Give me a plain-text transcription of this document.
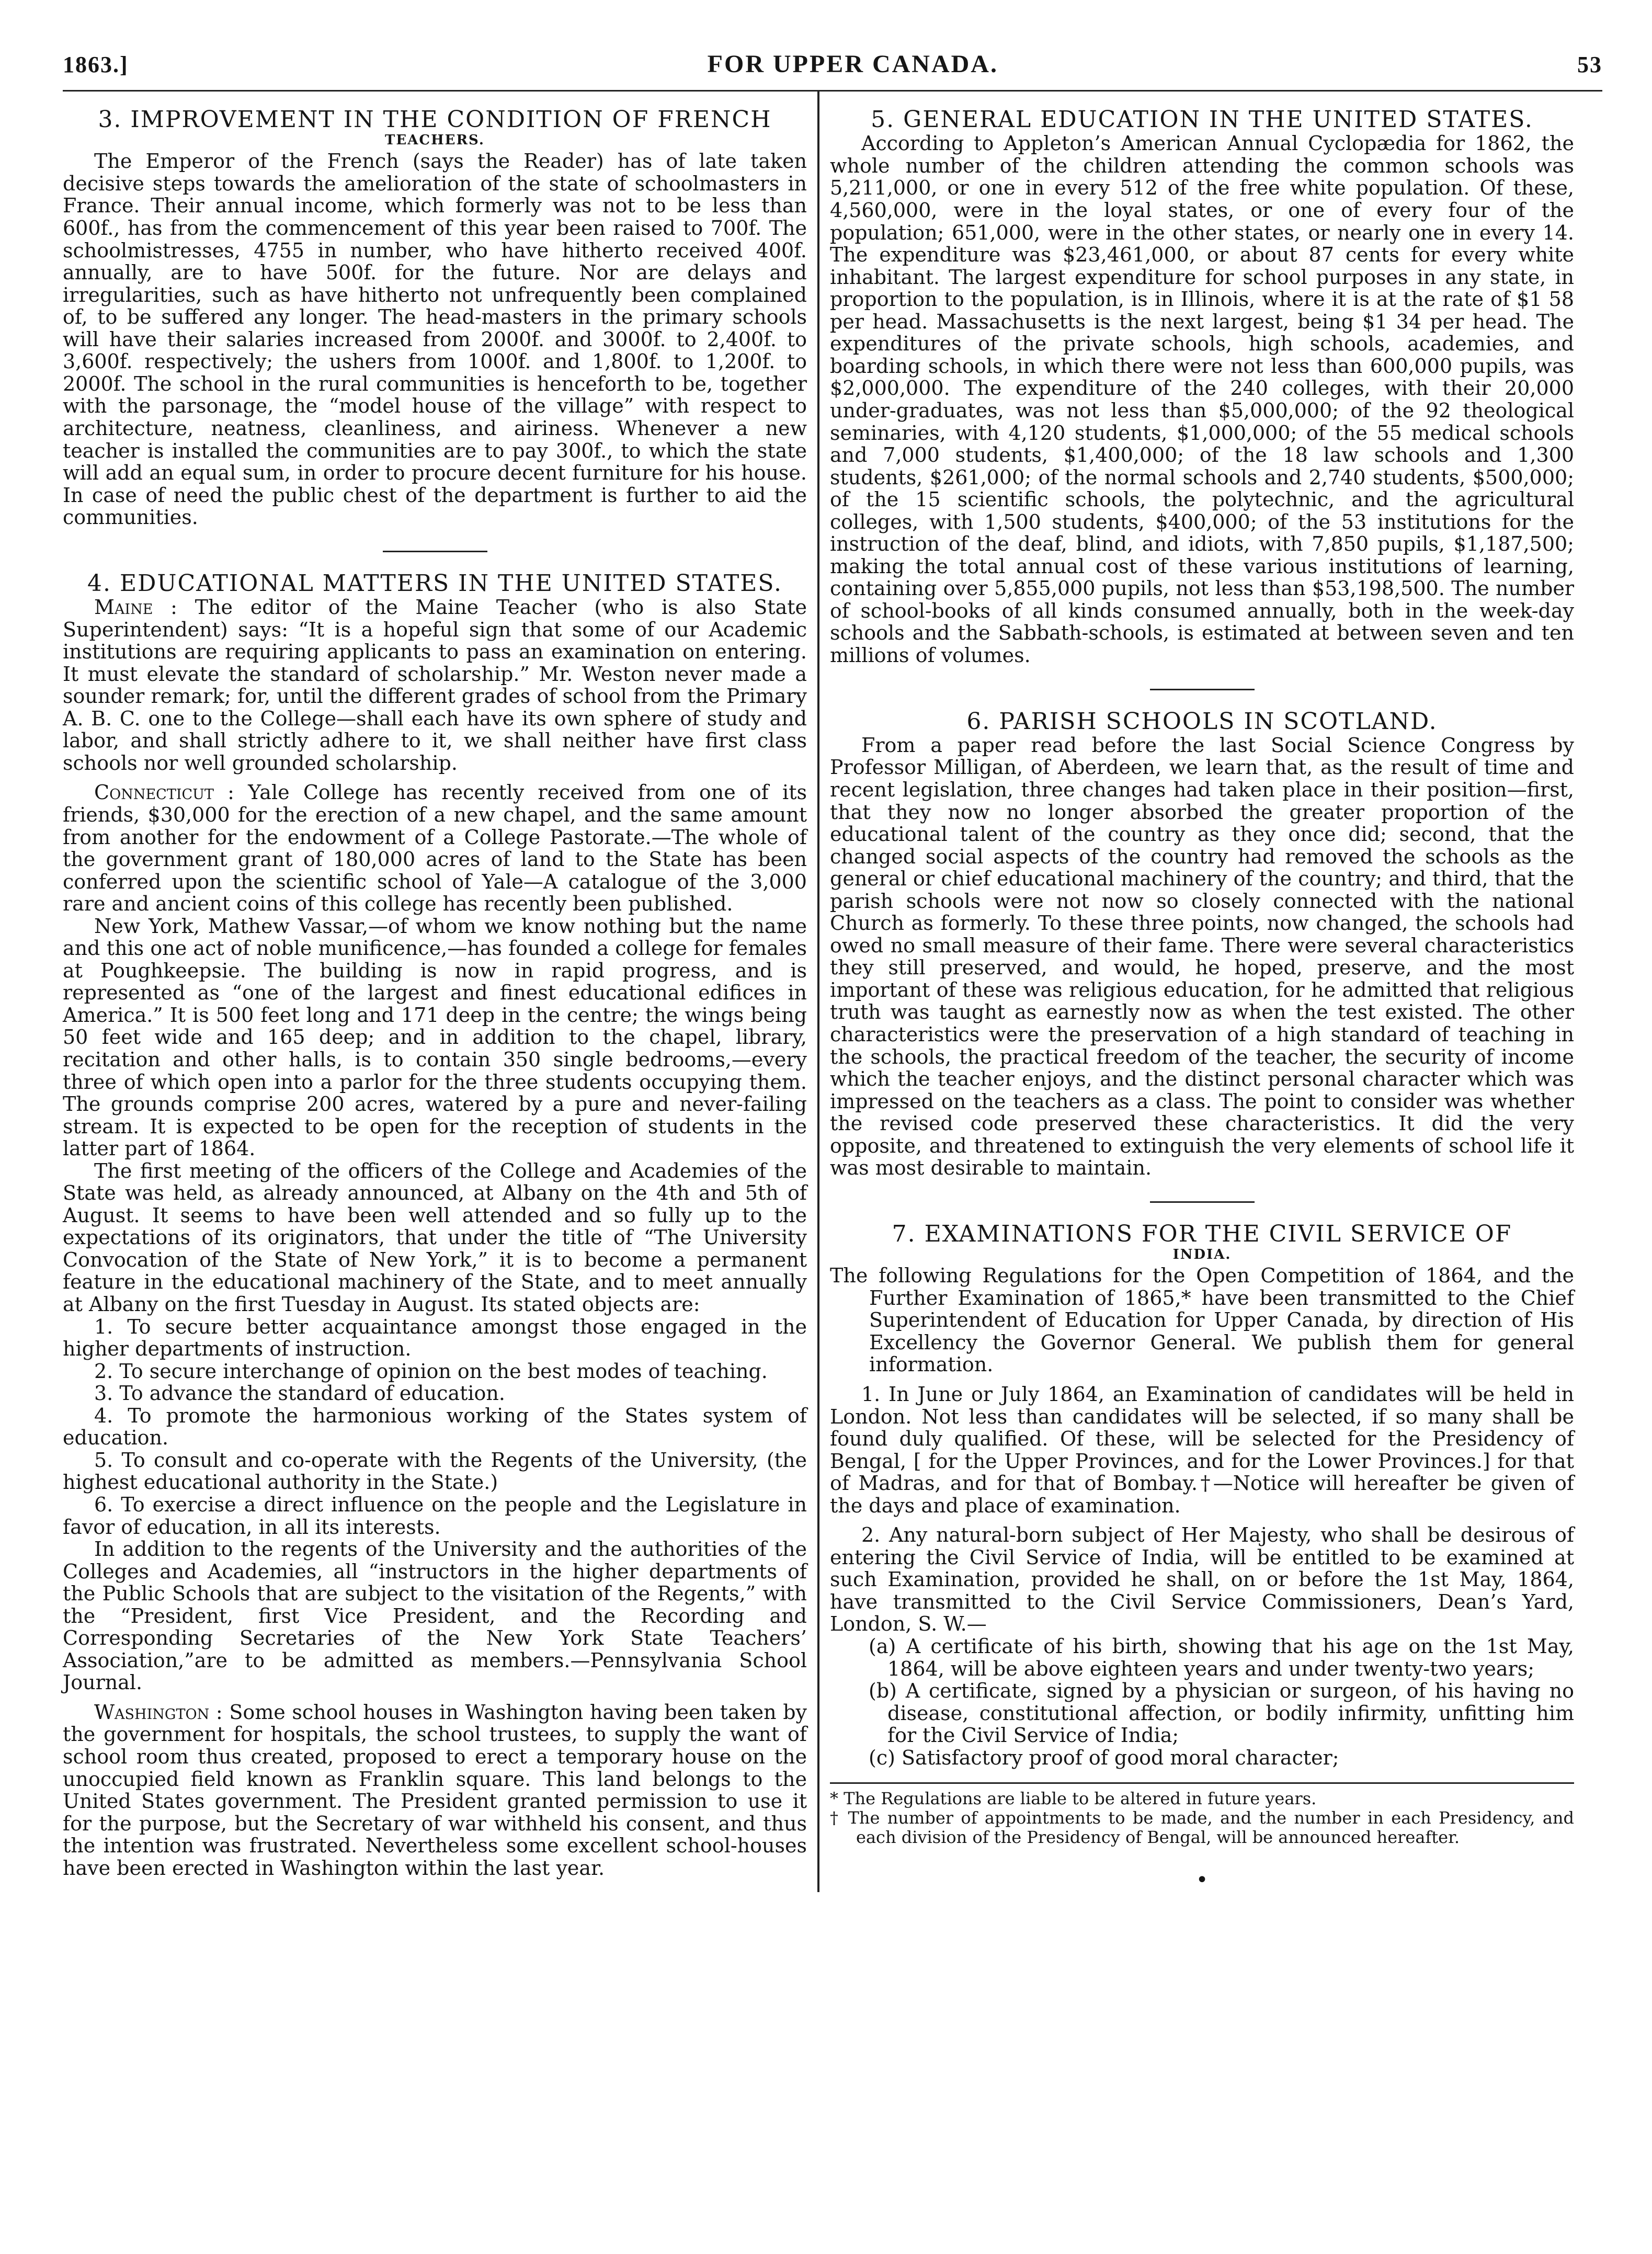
1863.]	FOR UPPER CANADA.	53
3. IMPROVEMENT IN THE CONDITION OF FRENCH
TEACHERS.

The Emperor of the French (says the Reader) has of late taken decisive steps towards the amelioration of the state of schoolmasters in France. Their annual income, which formerly was not to be less than 600f., has from the commencement of this year been raised to 700f. The schoolmistresses, 4755 in number, who have hitherto received 400f. annually, are to have 500f. for the future. Nor are delays and irregularities, such as have hitherto not unfrequently been complained of, to be suffered any longer. The head-masters in the primary schools will have their salaries increased from 2000f. and 3000f. to 2,400f. to 3,600f. respectively; the ushers from 1000f. and 1,800f. to 1,200f. to 2000f. The school in the rural communities is henceforth to be, together with the parsonage, the “model house of the village” with respect to architecture, neatness, cleanliness, and airiness. Whenever a new teacher is installed the communities are to pay 300f., to which the state will add an equal sum, in order to procure decent furniture for his house. In case of need the public chest of the department is further to aid the communities.

4. EDUCATIONAL MATTERS IN THE UNITED STATES.

Maine : The editor of the Maine Teacher (who is also State Superintendent) says: “It is a hopeful sign that some of our Academic institutions are requiring applicants to pass an examination on entering. It must elevate the standard of scholarship.” Mr. Weston never made a sounder remark; for, until the different grades of school from the Primary A. B. C. one to the College—shall each have its own sphere of study and labor, and shall strictly adhere to it, we shall neither have first class schools nor well grounded scholarship.

Connecticut : Yale College has recently received from one of its friends, $30,000 for the erection of a new chapel, and the same amount from another for the endowment of a College Pastorate.—The whole of the government grant of 180,000 acres of land to the State has been conferred upon the scientific school of Yale—A catalogue of the 3,000 rare and ancient coins of this college has recently been published.

New York, Mathew Vassar,—of whom we know nothing but the name and this one act of noble munificence,—has founded a college for females at Poughkeepsie. The building is now in rapid progress, and is represented as “one of the largest and finest educational edifices in America.” It is 500 feet long and 171 deep in the centre; the wings being 50 feet wide and 165 deep; and in addition to the chapel, library, recitation and other halls, is to contain 350 single bedrooms,—every three of which open into a parlor for the three students occupying them. The grounds comprise 200 acres, watered by a pure and never-failing stream. It is expected to be open for the reception of students in the latter part of 1864.

The first meeting of the officers of the College and Academies of the State was held, as already announced, at Albany on the 4th and 5th of August. It seems to have been well attended and so fully up to the expectations of its originators, that under the title of “The University Convocation of the State of New York,” it is to become a permanent feature in the educational machinery of the State, and to meet annually at Albany on the first Tuesday in August. Its stated objects are:

1. To secure better acquaintance amongst those engaged in the higher departments of instruction.

2. To secure interchange of opinion on the best modes of teaching.

3. To advance the standard of education.

4. To promote the harmonious working of the States system of education.

5. To consult and co-operate with the Regents of the University, (the highest educational authority in the State.)

6. To exercise a direct influence on the people and the Legislature in favor of education, in all its interests.

In addition to the regents of the University and the authorities of the Colleges and Academies, all “instructors in the higher departments of the Public Schools that are subject to the visitation of the Regents,” with the “President, first Vice President, and the Recording and Corresponding Secretaries of the New York State Teachers’ Association,”are to be admitted as members.—Pennsylvania School Journal.

Washington : Some school houses in Washington having been taken by the government for hospitals, the school trustees, to supply the want of school room thus created, proposed to erect a temporary house on the unoccupied field known as Franklin square. This land belongs to the United States government. The President granted permission to use it for the purpose, but the Secretary of war withheld his consent, and thus the intention was frustrated. Nevertheless some excellent school-houses have been erected in Washington within the last year.

5. GENERAL EDUCATION IN THE UNITED STATES.

According to Appleton’s American Annual Cyclopædia for 1862, the whole number of the children attending the common schools was 5,211,000, or one in every 512 of the free white population. Of these, 4,560,000, were in the loyal states, or one of every four of the population; 651,000, were in the other states, or nearly one in every 14. The expenditure was $23,461,000, or about 87 cents for every white inhabitant. The largest expenditure for school purposes in any state, in proportion to the population, is in Illinois, where it is at the rate of $1 58 per head. Massachusetts is the next largest, being $1 34 per head. The expenditures of the private schools, high schools, academies, and boarding schools, in which there were not less than 600,000 pupils, was $2,000,000. The expenditure of the 240 colleges, with their 20,000 under-graduates, was not less than $5,000,000; of the 92 theological seminaries, with 4,120 students, $1,000,000; of the 55 medical schools and 7,000 students, $1,400,000; of the 18 law schools and 1,300 students, $261,000; of the normal schools and 2,740 students, $500,000; of the 15 scientific schools, the polytechnic, and the agricultural colleges, with 1,500 students, $400,000; of the 53 institutions for the instruction of the deaf, blind, and idiots, with 7,850 pupils, $1,187,500; making the total annual cost of these various institutions of learning, containing over 5,855,000 pupils, not less than $53,198,500. The number of school-books of all kinds consumed annually, both in the week-day schools and the Sabbath-schools, is estimated at between seven and ten millions of volumes.

6. PARISH SCHOOLS IN SCOTLAND.

From a paper read before the last Social Science Congress by Professor Milligan, of Aberdeen, we learn that, as the result of time and recent legislation, three changes had taken place in their position—first, that they now no longer absorbed the greater proportion of the educational talent of the country as they once did; second, that the changed social aspects of the country had removed the schools as the general or chief educational machinery of the country; and third, that the parish schools were not now so closely connected with the national Church as formerly. To these three points, now changed, the schools had owed no small measure of their fame. There were several characteristics they still preserved, and would, he hoped, preserve, and the most important of these was religious education, for he admitted that religious truth was taught as earnestly now as when the test existed. The other characteristics were the preservation of a high standard of teaching in the schools, the practical freedom of the teacher, the security of income which the teacher enjoys, and the distinct personal character which was impressed on the teachers as a class. The point to consider was whether the revised code preserved these characteristics. It did the very opposite, and threatened to extinguish the very elements of school life it was most desirable to maintain.

7. EXAMINATIONS FOR THE CIVIL SERVICE OF
INDIA.

The following Regulations for the Open Competition of 1864, and the Further Examination of 1865,* have been transmitted to the Chief Superintendent of Education for Upper Canada, by direction of His Excellency the Governor General. We publish them for general information.

1. In June or July 1864, an Examination of candidates will be held in London. Not less than candidates will be selected, if so many shall be found duly qualified. Of these, will be selected for the Presidency of Bengal, [ for the Upper Provinces, and for the Lower Provinces.] for that of Madras, and for that of Bombay.†—Notice will hereafter be given of the days and place of examination.

2. Any natural-born subject of Her Majesty, who shall be desirous of entering the Civil Service of India, will be entitled to be examined at such Examination, provided he shall, on or before the 1st May, 1864, have transmitted to the Civil Service Commissioners, Dean’s Yard, London, S. W.—

(a) A certificate of his birth, showing that his age on the 1st May, 1864, will be above eighteen years and under twenty-two years;

(b) A certificate, signed by a physician or surgeon, of his having no disease, constitutional affection, or bodily infirmity, unfitting him for the Civil Service of India;

(c) Satisfactory proof of good moral character;

* The Regulations are liable to be altered in future years.
† The number of appointments to be made, and the number in each Presidency, and each division of the Presidency of Bengal, will be announced hereafter.
•
